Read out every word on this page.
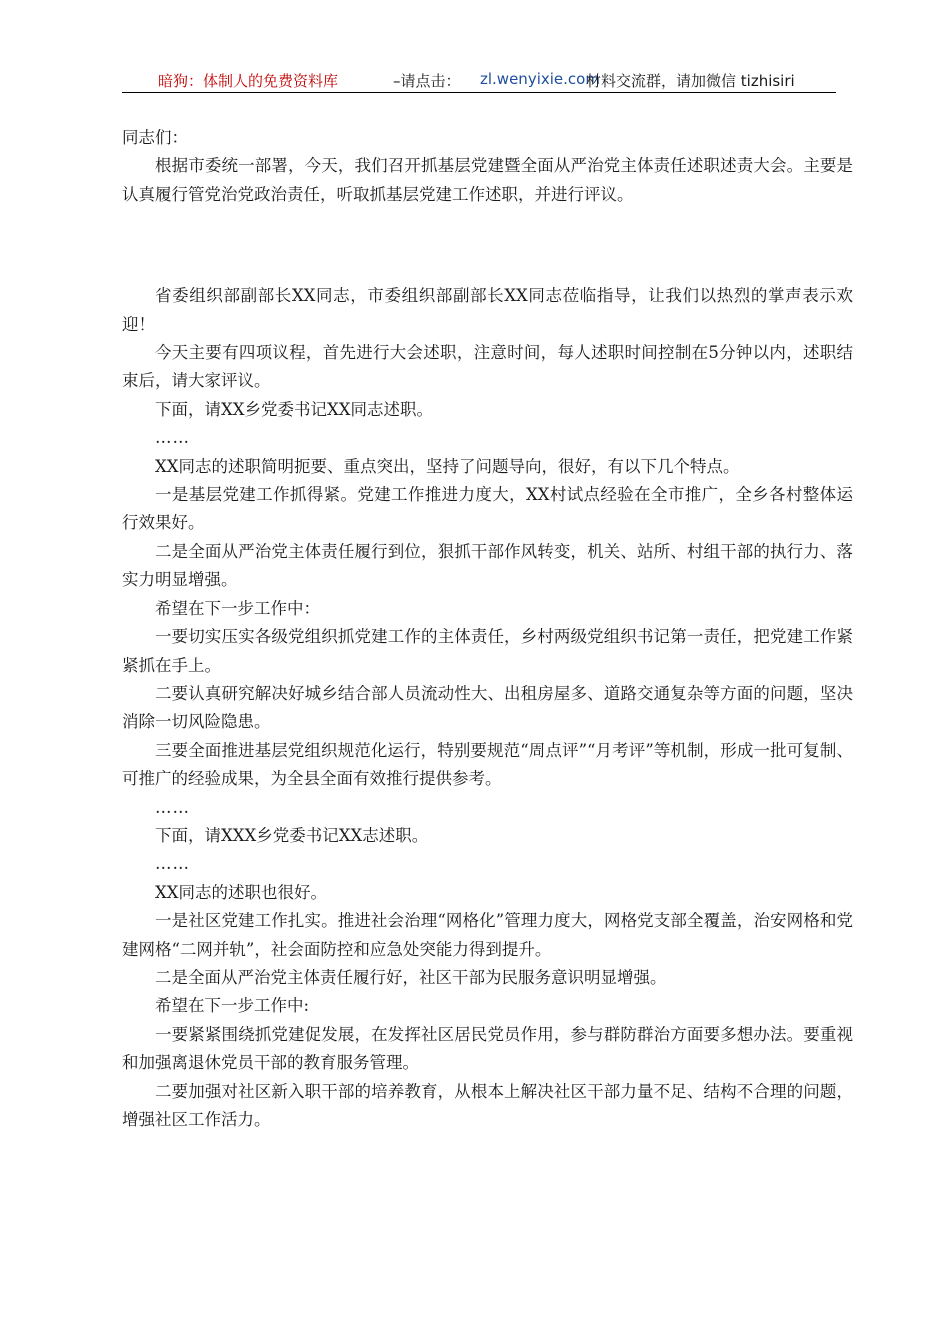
暗狗：体制人的免费资料库	–请点击： zl.wenyixie.com
材料交流群，请加微信 tizhisiri

同志们：

根据市委统一部署，今天，我们召开抓基层党建暨全面从严治党主体责任述职述责大会。主要是认真履行管党治党政治责任，听取抓基层党建工作述职，并进行评议。

省委组织部副部长XX同志，市委组织部副部长XX同志莅临指导，让我们以热烈的掌声表示欢迎！

今天主要有四项议程，首先进行大会述职，注意时间，每人述职时间控制在5分钟以内，述职结束后，请大家评议。

下面，请XX乡党委书记XX同志述职。

……

XX同志的述职简明扼要、重点突出，坚持了问题导向，很好，有以下几个特点。

一是基层党建工作抓得紧。党建工作推进力度大，XX村试点经验在全市推广，全乡各村整体运行效果好。

二是全面从严治党主体责任履行到位，狠抓干部作风转变，机关、站所、村组干部的执行力、落实力明显增强。

希望在下一步工作中：

一要切实压实各级党组织抓党建工作的主体责任，乡村两级党组织书记第一责任，把党建工作紧紧抓在手上。

二要认真研究解决好城乡结合部人员流动性大、出租房屋多、道路交通复杂等方面的问题，坚决消除一切风险隐患。

三要全面推进基层党组织规范化运行，特别要规范“周点评”“月考评”等机制，形成一批可复制、可推广的经验成果，为全县全面有效推行提供参考。

……

下面，请XXX乡党委书记XX志述职。

……

XX同志的述职也很好。

一是社区党建工作扎实。推进社会治理“网格化”管理力度大，网格党支部全覆盖，治安网格和党建网格“二网并轨”，社会面防控和应急处突能力得到提升。

二是全面从严治党主体责任履行好，社区干部为民服务意识明显增强。

希望在下一步工作中:

一要紧紧围绕抓党建促发展，在发挥社区居民党员作用，参与群防群治方面要多想办法。要重视和加强离退休党员干部的教育服务管理。

二要加强对社区新入职干部的培养教育，从根本上解决社区干部力量不足、结构不合理的问题，增强社区工作活力。
